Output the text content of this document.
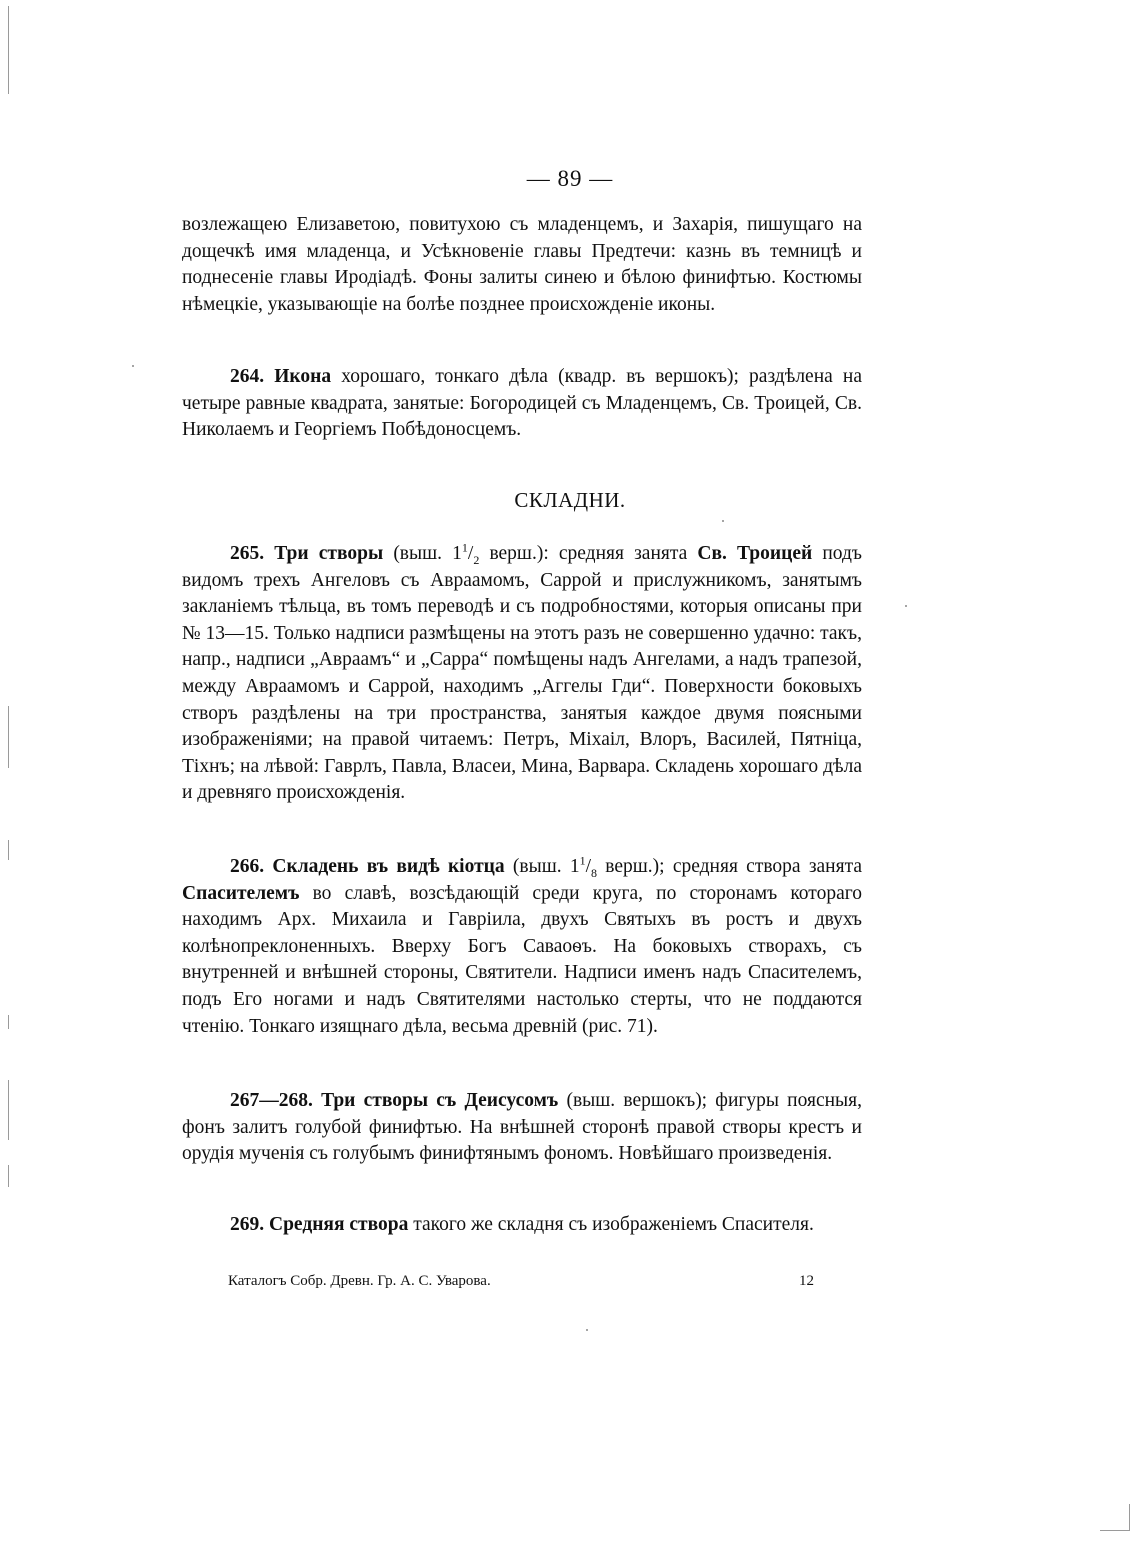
— 89 —

возлежащею Елизаветою, повитухою съ младенцемъ, и Захарія, пишущаго на дощечкѣ имя младенца, и Усѣкновеніе главы Предтечи: казнь въ темницѣ и поднесеніе главы Иродіадѣ. Фоны залиты синею и бѣлою финифтью. Костюмы нѣмецкіе, указывающіе на болѣе позднее происхожденіе иконы.

264. Икона хорошаго, тонкаго дѣла (квадр. въ вершокъ); раздѣлена на четыре равные квадрата, занятые: Богородицей съ Младенцемъ, Св. Троицей, Св. Николаемъ и Георгіемъ Побѣдоносцемъ.

СКЛАДНИ.

265. Три створы (выш. $1^1/_2$ верш.): средняя занята Св. Троицей подъ видомъ трехъ Ангеловъ съ Авраамомъ, Саррой и прислужникомъ, занятымъ закланіемъ тѣльца, въ томъ переводѣ и съ подробностями, которыя описаны при № 13—15. Только надписи размѣщены на этотъ разъ не совершенно удачно: такъ, напр., надписи „Авраамъ“ и „Сарра“ помѣщены надъ Ангелами, а надъ трапезой, между Авраамомъ и Саррой, находимъ „Аггелы Гди“. Поверхности боковыхъ створъ раздѣлены на три пространства, занятыя каждое двумя поясными изображеніями; на правой читаемъ: Петръ, Міхаіл, Влоръ, Василей, Пятніца, Тіхнъ; на лѣвой: Гаврлъ, Павла, Власеи, Мина, Варвара. Складень хорошаго дѣла и древняго происхожденія.

266. Складень въ видѣ кіотца (выш. $1^1/_8$ верш.); средняя створа занята Спасителемъ во славѣ, возсѣдающій среди круга, по сторонамъ котораго находимъ Арх. Михаила и Гавріила, двухъ Святыхъ въ ростъ и двухъ колѣнопреклоненныхъ. Вверху Богъ Саваоѳъ. На боковыхъ створахъ, съ внутренней и внѣшней стороны, Святители. Надписи именъ надъ Спасителемъ, подъ Его ногами и надъ Святителями настолько стерты, что не поддаются чтенію. Тонкаго изящнаго дѣла, весьма древній (рис. 71).

267—268. Три створы съ Деисусомъ (выш. вершокъ); фигуры поясныя, фонъ залитъ голубой финифтью. На внѣшней сторонѣ правой створы крестъ и орудія мученія съ голубымъ финифтянымъ фономъ. Новѣйшаго произведенія.

269. Средняя створа такого же складня съ изображеніемъ Спасителя.

Каталогъ Собр. Древн. Гр. А. С. Уварова.	12
